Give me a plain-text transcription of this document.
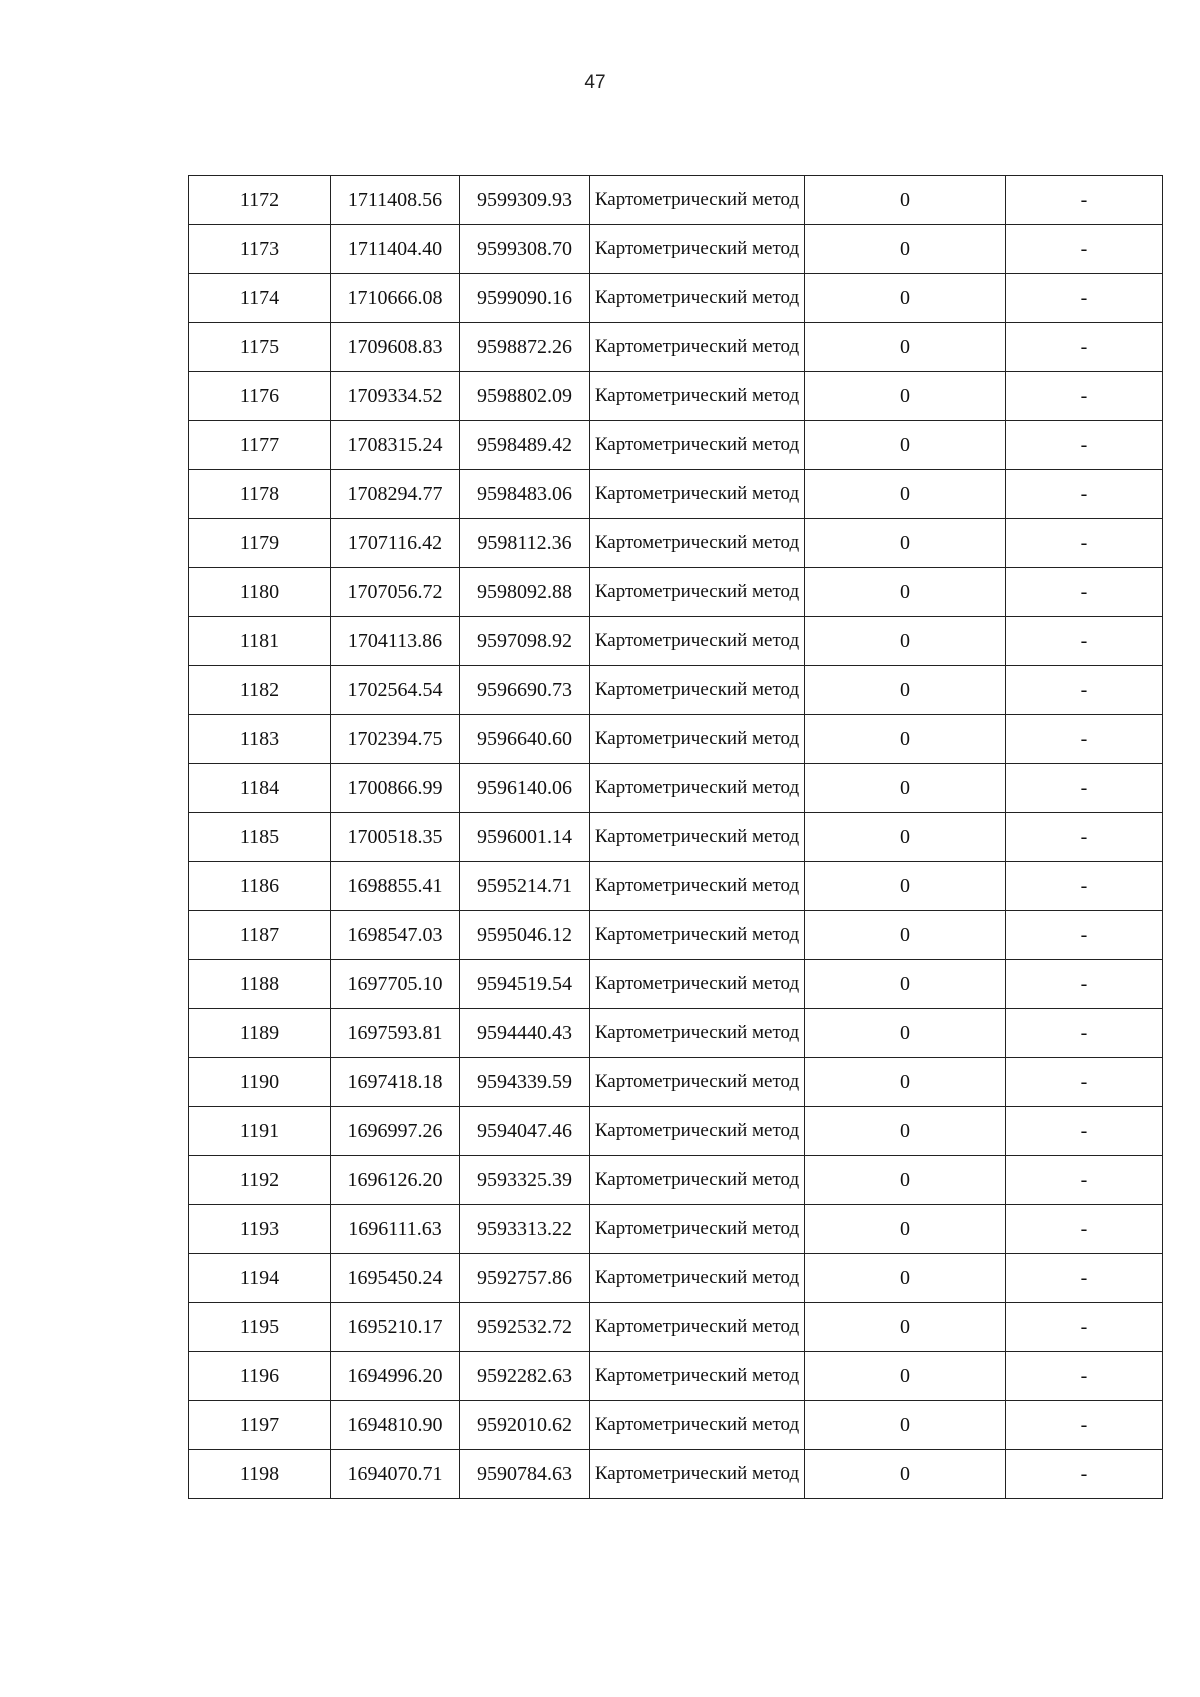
47
1172	1711408.56	9599309.93	Картометрический метод	0	-
1173	1711404.40	9599308.70	Картометрический метод	0	-
1174	1710666.08	9599090.16	Картометрический метод	0	-
1175	1709608.83	9598872.26	Картометрический метод	0	-
1176	1709334.52	9598802.09	Картометрический метод	0	-
1177	1708315.24	9598489.42	Картометрический метод	0	-
1178	1708294.77	9598483.06	Картометрический метод	0	-
1179	1707116.42	9598112.36	Картометрический метод	0	-
1180	1707056.72	9598092.88	Картометрический метод	0	-
1181	1704113.86	9597098.92	Картометрический метод	0	-
1182	1702564.54	9596690.73	Картометрический метод	0	-
1183	1702394.75	9596640.60	Картометрический метод	0	-
1184	1700866.99	9596140.06	Картометрический метод	0	-
1185	1700518.35	9596001.14	Картометрический метод	0	-
1186	1698855.41	9595214.71	Картометрический метод	0	-
1187	1698547.03	9595046.12	Картометрический метод	0	-
1188	1697705.10	9594519.54	Картометрический метод	0	-
1189	1697593.81	9594440.43	Картометрический метод	0	-
1190	1697418.18	9594339.59	Картометрический метод	0	-
1191	1696997.26	9594047.46	Картометрический метод	0	-
1192	1696126.20	9593325.39	Картометрический метод	0	-
1193	1696111.63	9593313.22	Картометрический метод	0	-
1194	1695450.24	9592757.86	Картометрический метод	0	-
1195	1695210.17	9592532.72	Картометрический метод	0	-
1196	1694996.20	9592282.63	Картометрический метод	0	-
1197	1694810.90	9592010.62	Картометрический метод	0	-
1198	1694070.71	9590784.63	Картометрический метод	0	-
